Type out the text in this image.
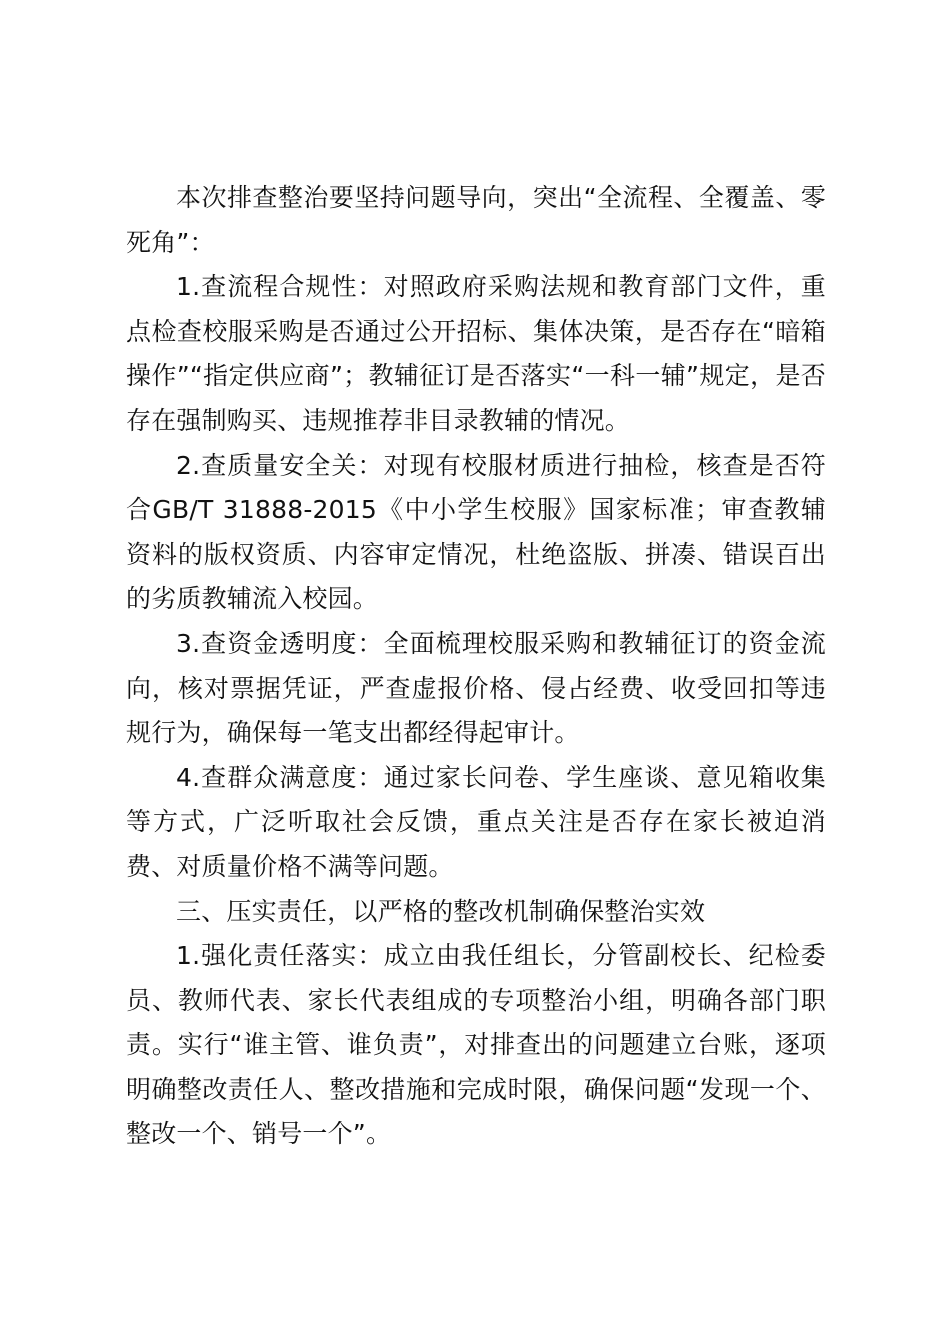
本次排查整治要坚持问题导向，突出“全流程、全覆盖、零死角”：

1.查流程合规性：对照政府采购法规和教育部门文件，重点检查校服采购是否通过公开招标、集体决策，是否存在“暗箱操作”“指定供应商”；教辅征订是否落实“一科一辅”规定，是否存在强制购买、违规推荐非目录教辅的情况。

2.查质量安全关：对现有校服材质进行抽检，核查是否符合GB/T 31888-2015《中小学生校服》国家标准；审查教辅资料的版权资质、内容审定情况，杜绝盗版、拼凑、错误百出的劣质教辅流入校园。

3.查资金透明度：全面梳理校服采购和教辅征订的资金流向，核对票据凭证，严查虚报价格、侵占经费、收受回扣等违规行为，确保每一笔支出都经得起审计。

4.查群众满意度：通过家长问卷、学生座谈、意见箱收集等方式，广泛听取社会反馈，重点关注是否存在家长被迫消费、对质量价格不满等问题。

三、压实责任，以严格的整改机制确保整治实效

1.强化责任落实：成立由我任组长，分管副校长、纪检委员、教师代表、家长代表组成的专项整治小组，明确各部门职责。实行“谁主管、谁负责”，对排查出的问题建立台账，逐项明确整改责任人、整改措施和完成时限，确保问题“发现一个、整改一个、销号一个”。
